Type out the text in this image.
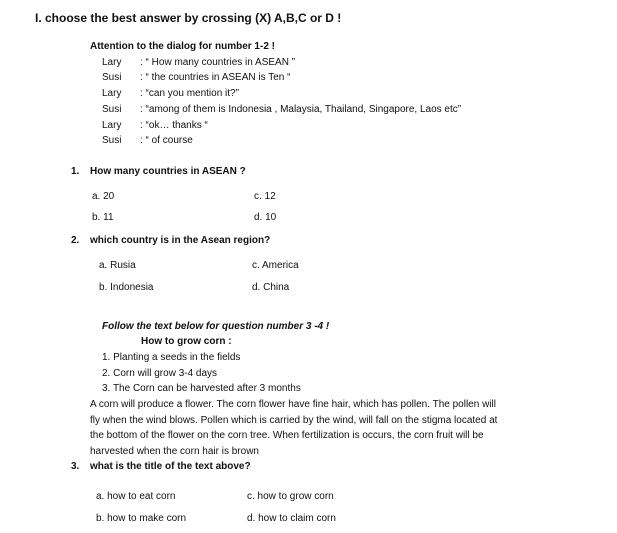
I. choose the best answer by crossing (X) A,B,C or D !
Attention to the dialog for number 1-2 !
Lary : “ How many countries in ASEAN ”
Susi : “ the countries in ASEAN is Ten “
Lary : “can you mention it?”
Susi : “among of them is Indonesia , Malaysia, Thailand, Singapore, Laos etc”
Lary : “ok… thanks “
Susi : “ of course
1. How many countries in ASEAN ?
a. 20	c. 12
b. 11	d. 10
2. which country is in the Asean region?
a. Rusia	c. America
b. Indonesia	d. China
Follow the text below for question number 3 -4 !
How to grow corn :
1. Planting a seeds in the fields
2. Corn will grow 3-4 days
3. The Corn can be harvested after 3 months
A corn will produce a flower. The corn flower have fine hair, which has pollen. The pollen will
fly when the wind blows. Pollen which is carried by the wind, will fall on the stigma located at
the bottom of the flower on the corn tree. When fertilization is occurs, the corn fruit will be
harvested when the corn hair is brown
3. what is the title of the text above?
a. how to eat corn	c. how to grow corn
b. how to make corn	d. how to claim corn
